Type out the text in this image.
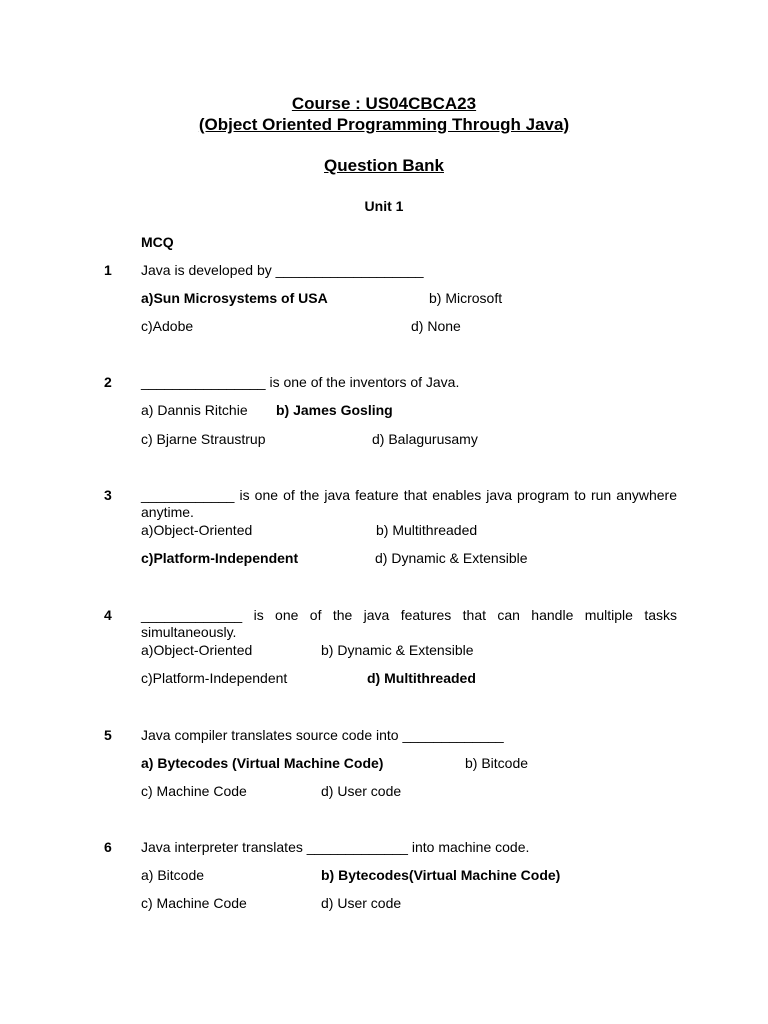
Course : US04CBCA23
(Object Oriented Programming Through Java)
Question Bank
Unit 1
MCQ
1 Java is developed by ___________________
a)Sun Microsystems of USA	b) Microsoft
c)Adobe	d) None
2 ________________ is one of the inventors of Java.
a) Dannis Ritchie b) James Gosling
c) Bjarne Straustrup	d) Balagurusamy
3 ____________ is one of the java feature that enables java program to run anywhere anytime.
a)Object-Oriented	b) Multithreaded
c)Platform-Independent	d) Dynamic & Extensible
4 _____________ is one of the java features that can handle multiple tasks simultaneously.
a)Object-Oriented	b) Dynamic & Extensible
c)Platform-Independent	d) Multithreaded
5 Java compiler translates source code into _____________
a) Bytecodes (Virtual Machine Code)	b) Bitcode
c) Machine Code	d) User code
6 Java interpreter translates _____________ into machine code.
a) Bitcode	b) Bytecodes(Virtual Machine Code)
c) Machine Code	d) User code
